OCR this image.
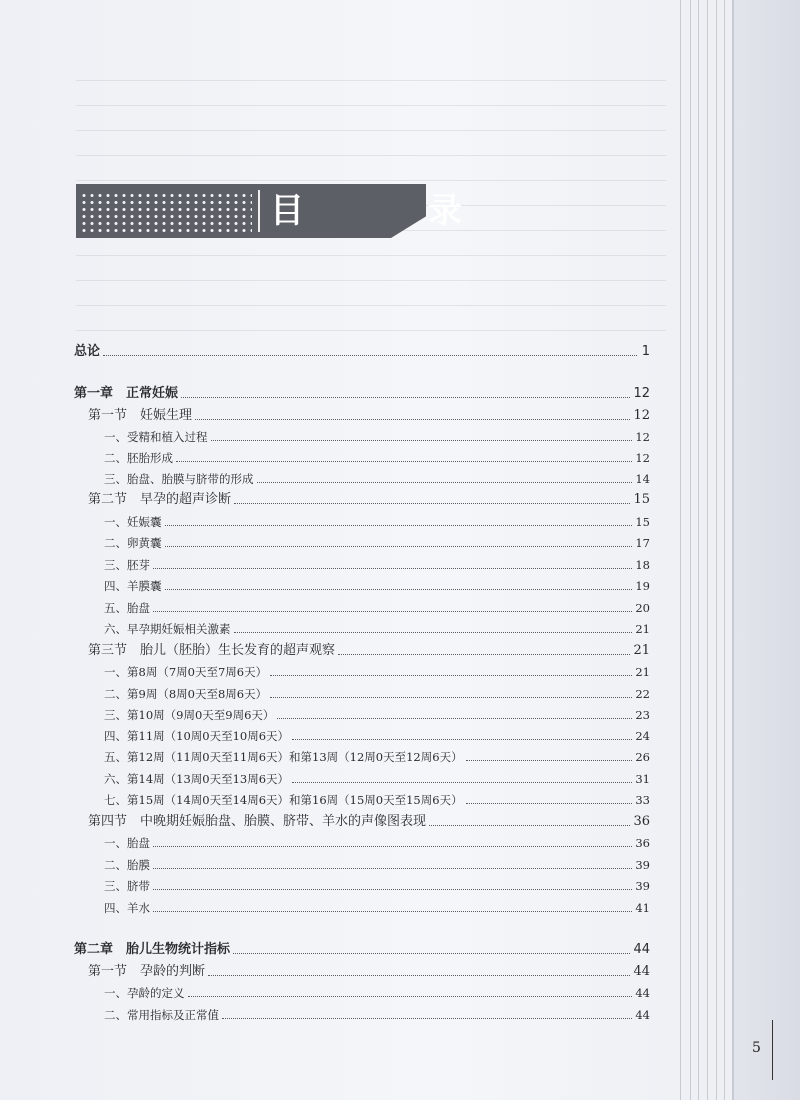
目 录
总论	1
第一章　正常妊娠	12
第一节　妊娠生理	12
一、受精和植入过程	12
二、胚胎形成	12
三、胎盘、胎膜与脐带的形成	14
第二节　早孕的超声诊断	15
一、妊娠囊	15
二、卵黄囊	17
三、胚芽	18
四、羊膜囊	19
五、胎盘	20
六、早孕期妊娠相关激素	21
第三节　胎儿（胚胎）生长发育的超声观察	21
一、第8周（7周0天至7周6天）	21
二、第9周（8周0天至8周6天）	22
三、第10周（9周0天至9周6天）	23
四、第11周（10周0天至10周6天）	24
五、第12周（11周0天至11周6天）和第13周（12周0天至12周6天）	26
六、第14周（13周0天至13周6天）	31
七、第15周（14周0天至14周6天）和第16周（15周0天至15周6天）	33
第四节　中晚期妊娠胎盘、胎膜、脐带、羊水的声像图表现	36
一、胎盘	36
二、胎膜	39
三、脐带	39
四、羊水	41
第二章　胎儿生物统计指标	44
第一节　孕龄的判断	44
一、孕龄的定义	44
二、常用指标及正常值	44
5
